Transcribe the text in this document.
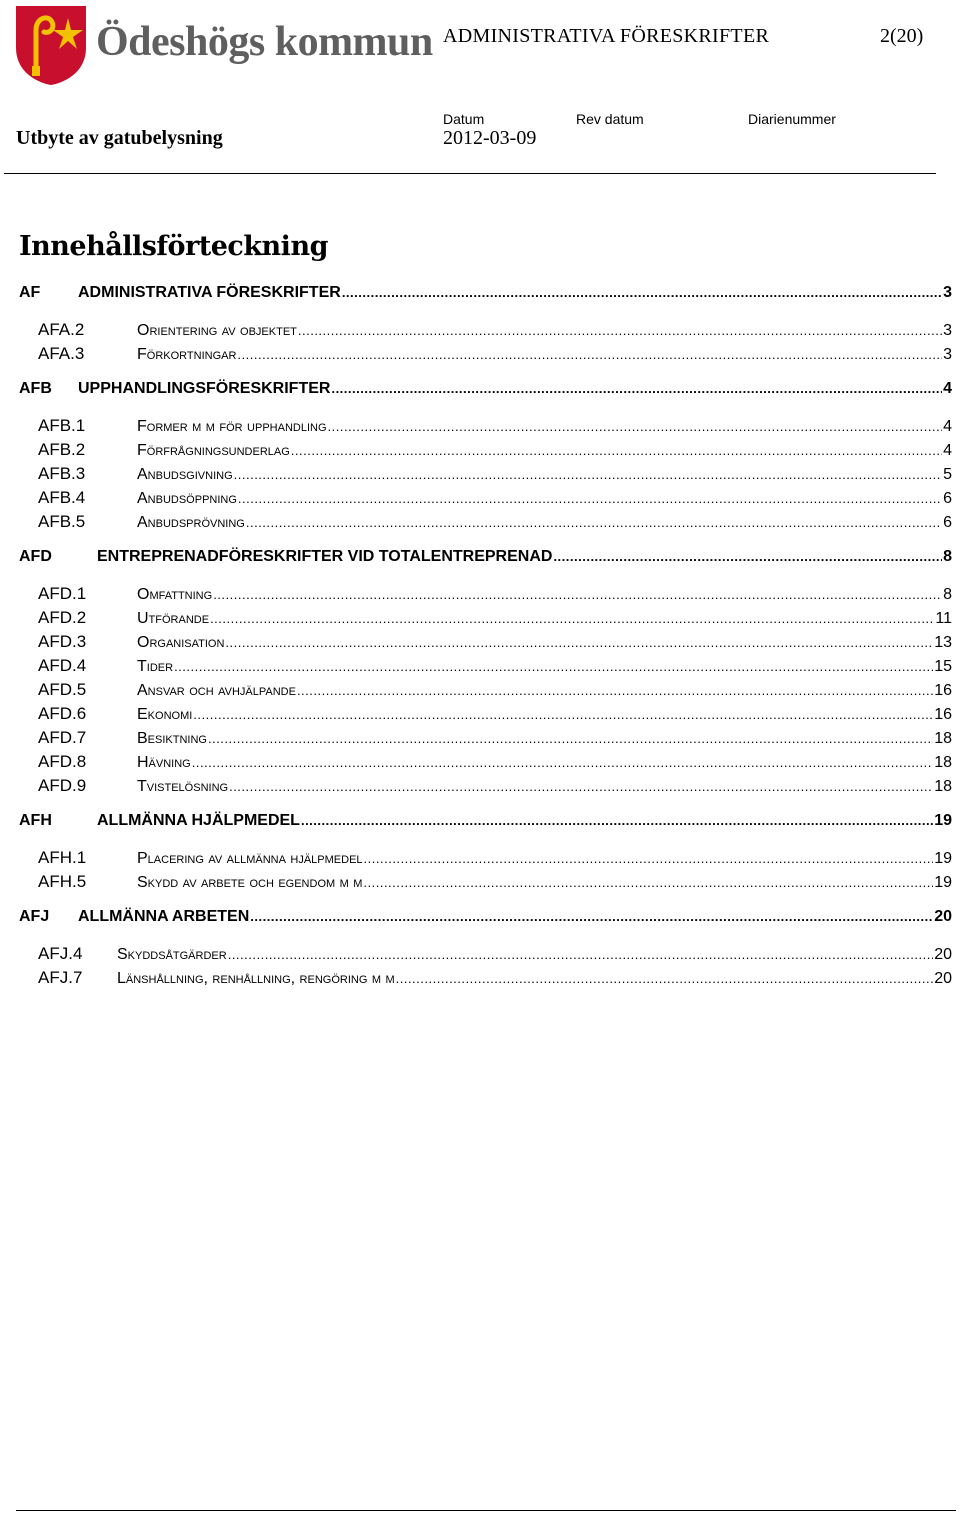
Ödeshögs kommun ADMINISTRATIVA FÖRESKRIFTER	2(20)
Datum	Rev datum	Diarienummer
Utbyte av gatubelysning	2012-03-09
Innehållsförteckning
AF	ADMINISTRATIVA FÖRESKRIFTER .....	3
AFA.2	Orientering av objektet .....	3
AFA.3	Förkortningar .....	3
AFB	UPPHANDLINGSFÖRESKRIFTER .....	4
AFB.1	Former m m för upphandling .....	4
AFB.2	Förfrågningsunderlag .....	4
AFB.3	Anbudsgivning .....	5
AFB.4	Anbudsöppning .....	6
AFB.5	Anbudsprövning .....	6
AFD	ENTREPRENADFÖRESKRIFTER VID TOTALENTREPRENAD .....	8
AFD.1	Omfattning .....	8
AFD.2	Utförande .....	11
AFD.3	Organisation .....	13
AFD.4	Tider .....	15
AFD.5	Ansvar och avhjälpande .....	16
AFD.6	Ekonomi .....	16
AFD.7	Besiktning .....	18
AFD.8	Hävning .....	18
AFD.9	Tvistelösning .....	18
AFH	ALLMÄNNA HJÄLPMEDEL .....	19
AFH.1	Placering av allmänna hjälpmedel .....	19
AFH.5	Skydd av arbete och egendom m m .....	19
AFJ	ALLMÄNNA ARBETEN .....	20
AFJ.4	Skyddsåtgärder .....	20
AFJ.7	Länshållning, renhållning, rengöring m m .....	20
